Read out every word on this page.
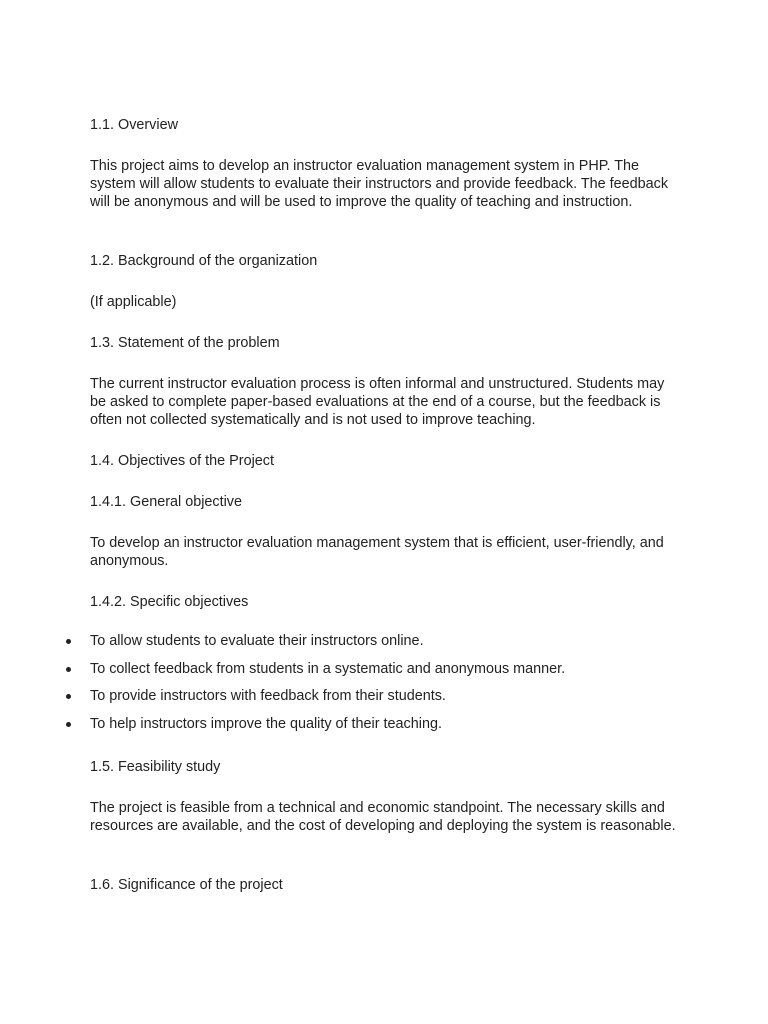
1.1. Overview

This project aims to develop an instructor evaluation management system in PHP. The system will allow students to evaluate their instructors and provide feedback. The feedback will be anonymous and will be used to improve the quality of teaching and instruction.

1.2. Background of the organization

(If applicable)

1.3. Statement of the problem

The current instructor evaluation process is often informal and unstructured. Students may be asked to complete paper-based evaluations at the end of a course, but the feedback is often not collected systematically and is not used to improve teaching.

1.4. Objectives of the Project

1.4.1. General objective

To develop an instructor evaluation management system that is efficient, user-friendly, and anonymous.

1.4.2. Specific objectives

To allow students to evaluate their instructors online.
To collect feedback from students in a systematic and anonymous manner.
To provide instructors with feedback from their students.
To help instructors improve the quality of their teaching.

1.5. Feasibility study

The project is feasible from a technical and economic standpoint. The necessary skills and resources are available, and the cost of developing and deploying the system is reasonable.

1.6. Significance of the project
